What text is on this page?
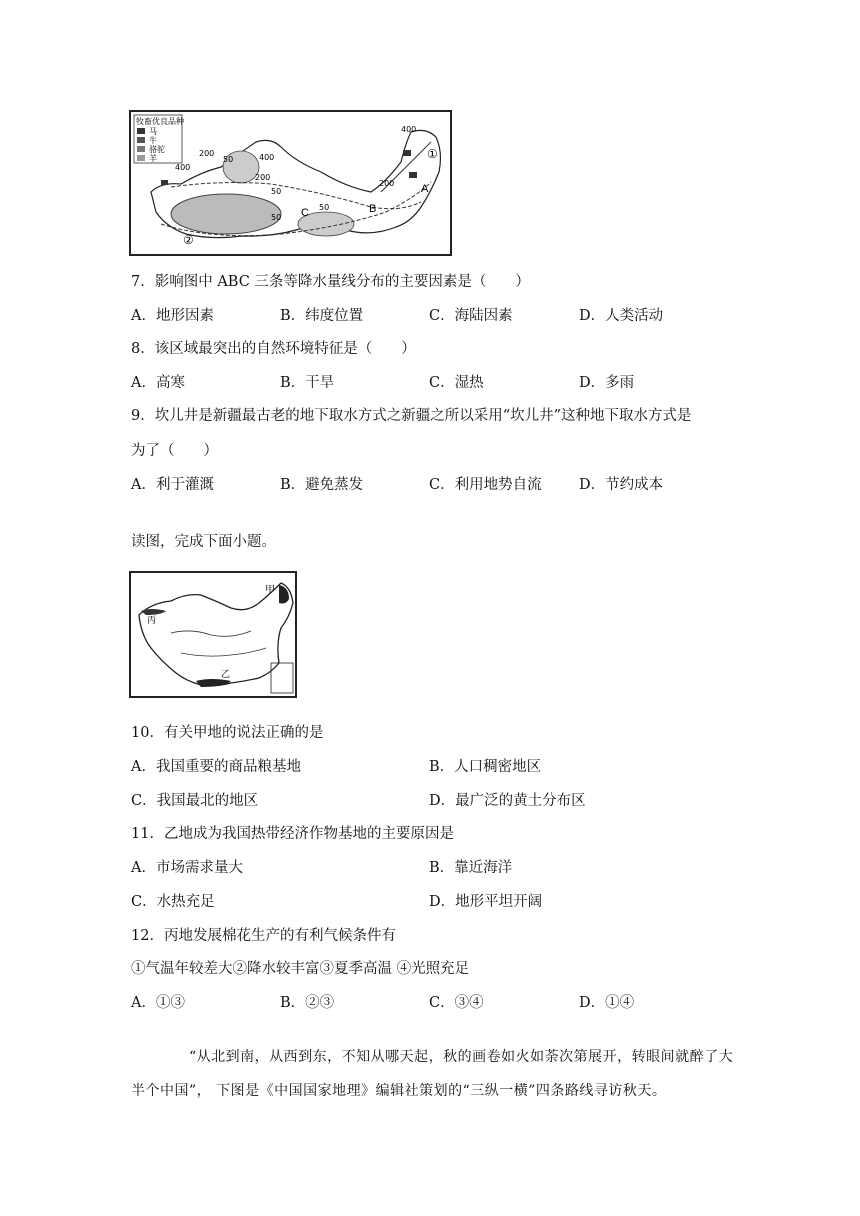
牧畜优良品种
马
牛
骆驼
羊
400
200
50	400
200
50
200
50
400
50
A
B
C
①
②
7．影响图中 ABC 三条等降水量线分布的主要因素是（　　）
A．地形因素	B．纬度位置	C．海陆因素	D．人类活动
8．该区域最突出的自然环境特征是（　　）
A．高寒	B．干旱	C．湿热	D．多雨
9．坎儿井是新疆最古老的地下取水方式之新疆之所以采用“坎儿井”这种地下取水方式是
为了（　　）
A．利于灌溉	B．避免蒸发	C．利用地势自流	D．节约成本
读图，完成下面小题。
甲
丙
乙
10．有关甲地的说法正确的是
A．我国重要的商品粮基地	B．人口稠密地区
C．我国最北的地区	D．最广泛的黄土分布区
11．乙地成为我国热带经济作物基地的主要原因是
A．市场需求量大	B．靠近海洋
C．水热充足	D．地形平坦开阔
12．丙地发展棉花生产的有利气候条件有
①气温年较差大②降水较丰富③夏季高温 ④光照充足
A．①③	B．②③	C．③④	D．①④
“从北到南，从西到东，不知从哪天起，秋的画卷如火如荼次第展开，转眼间就醉了大半个中国”， 下图是《中国国家地理》编辑社策划的“三纵一横”四条路线寻访秋天。
